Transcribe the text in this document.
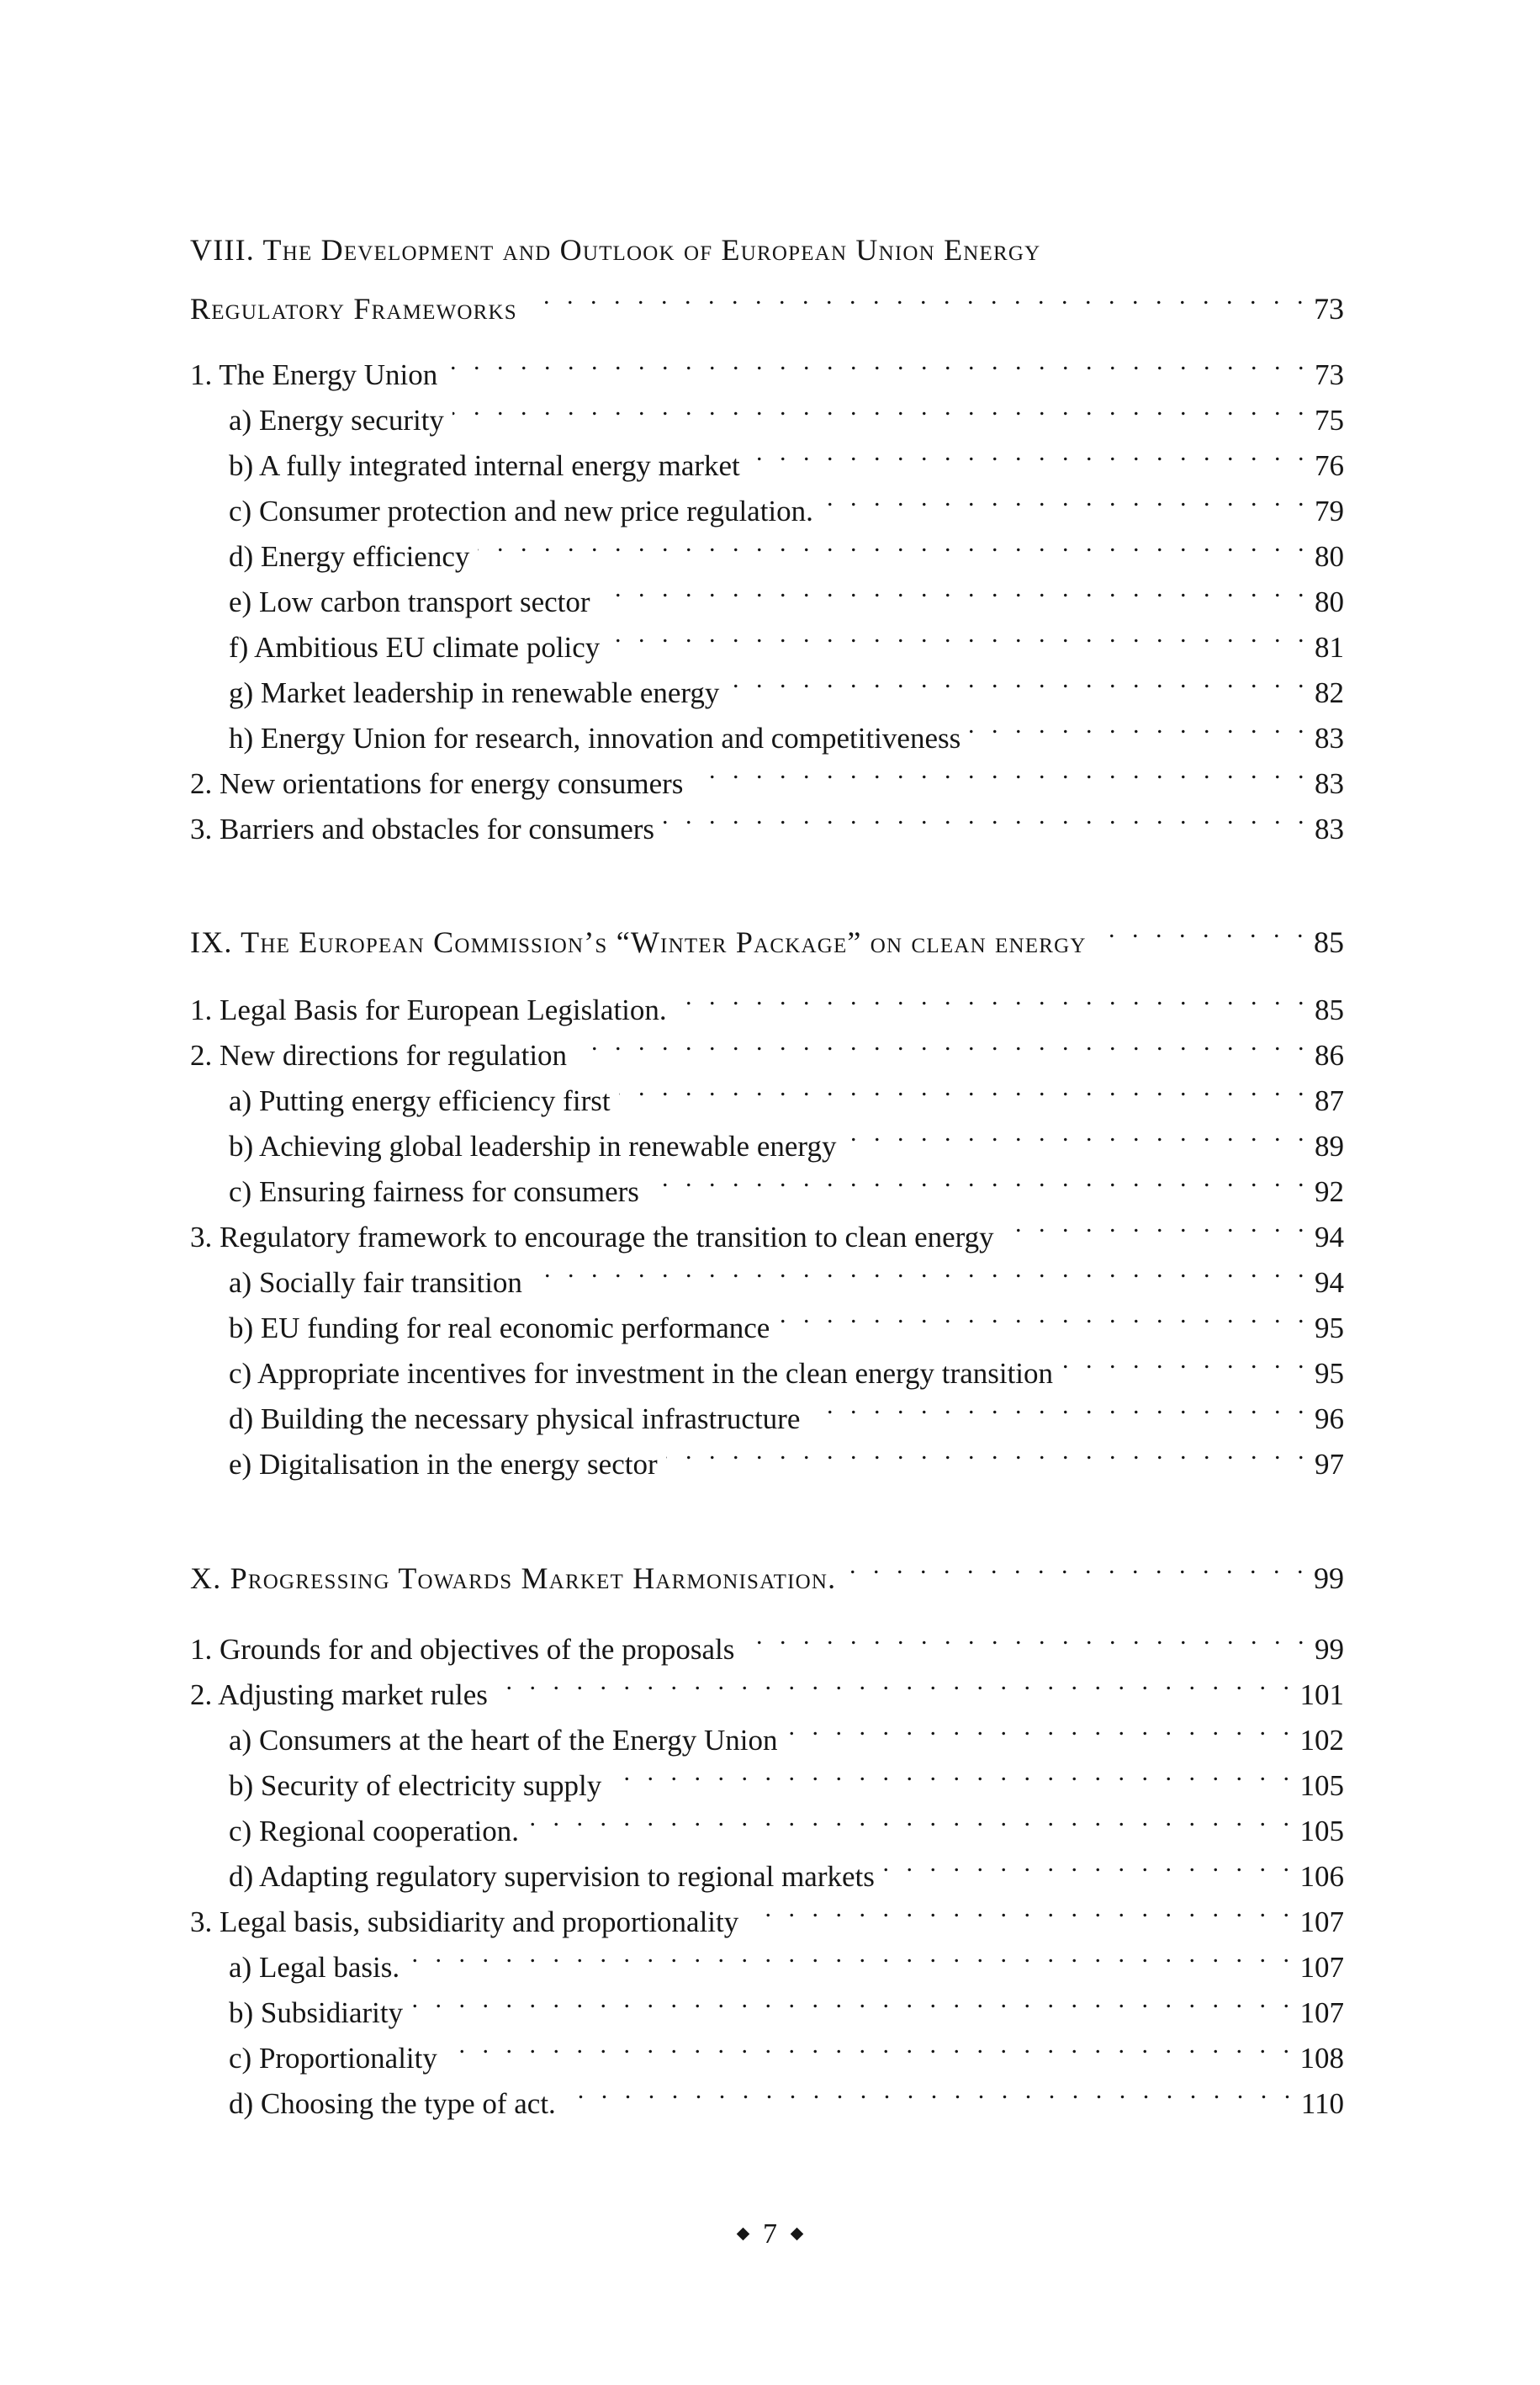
VIII. The Development and Outlook of European Union Energy
Regulatory Frameworks . . .	73
1. The Energy Union . . .	73
a) Energy security . . .	75
b) A fully integrated internal energy market . . .	76
c) Consumer protection and new price regulation. . . .	79
d) Energy efficiency . . .	80
e) Low carbon transport sector . . .	80
f) Ambitious EU climate policy . . .	81
g) Market leadership in renewable energy . . .	82
h) Energy Union for research, innovation and competitiveness . . .	83
2. New orientations for energy consumers . . .	83
3. Barriers and obstacles for consumers . . .	83
IX. The European Commission’s “Winter Package” on clean energy . . .	85
1. Legal Basis for European Legislation. . . .	85
2. New directions for regulation . . .	86
a) Putting energy efficiency first . . .	87
b) Achieving global leadership in renewable energy . . .	89
c) Ensuring fairness for consumers . . .	92
3. Regulatory framework to encourage the transition to clean energy . . .	94
a) Socially fair transition . . .	94
b) EU funding for real economic performance . . .	95
c) Appropriate incentives for investment in the clean energy transition . . .	95
d) Building the necessary physical infrastructure . . .	96
e) Digitalisation in the energy sector . . .	97
X. Progressing Towards Market Harmonisation. . . .	99
1. Grounds for and objectives of the proposals . . .	99
2. Adjusting market rules . . .	101
a) Consumers at the heart of the Energy Union . . .	102
b) Security of electricity supply . . .	105
c) Regional cooperation. . . .	105
d) Adapting regulatory supervision to regional markets . . .	106
3. Legal basis, subsidiarity and proportionality . . .	107
a) Legal basis. . . .	107
b) Subsidiarity . . .	107
c) Proportionality . . .	108
d) Choosing the type of act. . . .	110
7
